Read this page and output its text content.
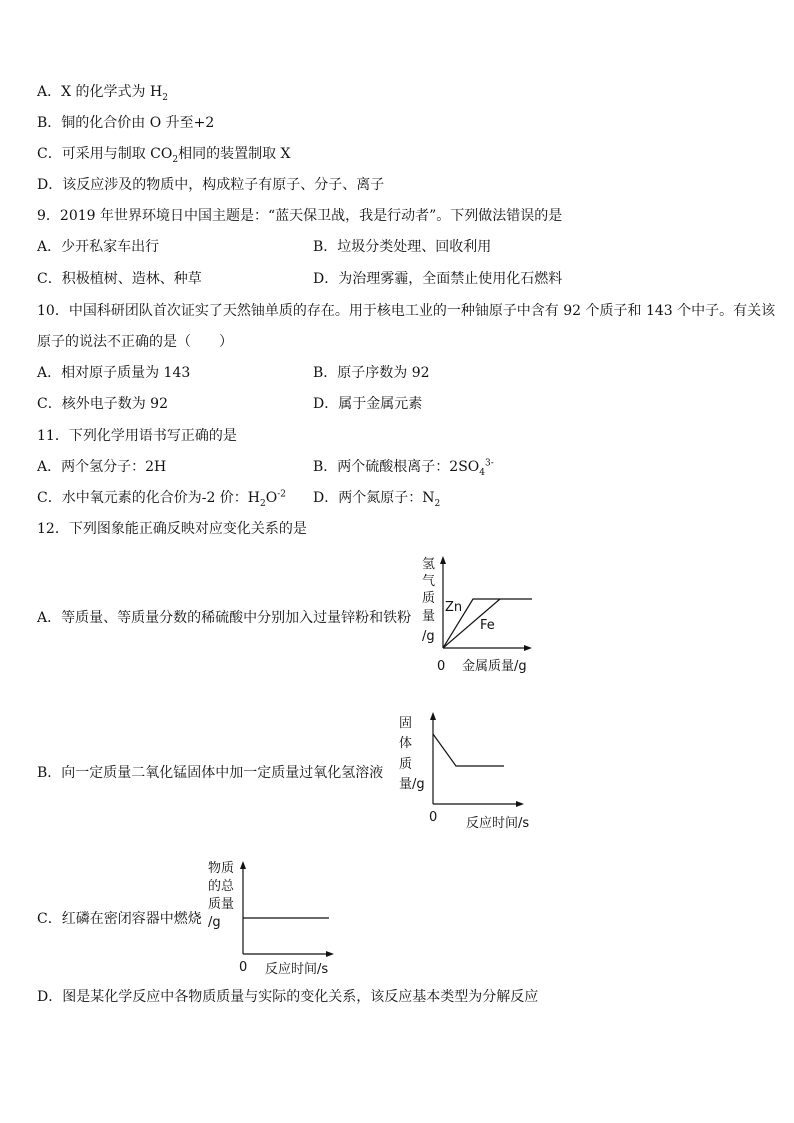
A．X 的化学式为 $H_2$
B．铜的化合价由 O 升至+2
C．可采用与制取 $CO_2$相同的装置制取 X
D．该反应涉及的物质中，构成粒子有原子、分子、离子
9．2019 年世界环境日中国主题是：“蓝天保卫战，我是行动者”。下列做法错误的是
A．少开私家车出行	B．垃圾分类处理、回收利用
C．积极植树、造林、种草	D．为治理雾霾，全面禁止使用化石燃料
10．中国科研团队首次证实了天然铀单质的存在。用于核电工业的一种铀原子中含有 92 个质子和 143 个中子。有关该
原子的说法不正确的是（　　）
A．相对原子质量为 143	B．原子序数为 92
C．核外电子数为 92	D．属于金属元素
11．下列化学用语书写正确的是
A．两个氢分子：2H	B．两个硫酸根离子：$2SO_4^{3-}$
C．水中氧元素的化合价为-2 价：$H_2O^{-2}$ D．两个氮原子：$N_2$
12．下列图象能正确反映对应变化关系的是
A．等质量、等质量分数的稀硫酸中分别加入过量锌粉和铁粉
B．向一定质量二氧化锰固体中加一定质量过氧化氢溶液
C．红磷在密闭容器中燃烧
D．图是某化学反应中各物质质量与实际的变化关系，该反应基本类型为分解反应
氢
气
质
量
/g
Zn
Fe
0 金属质量/g
固
体
质
量/g
0 反应时间/s
物质
的总
质量
/g
0 反应时间/s
